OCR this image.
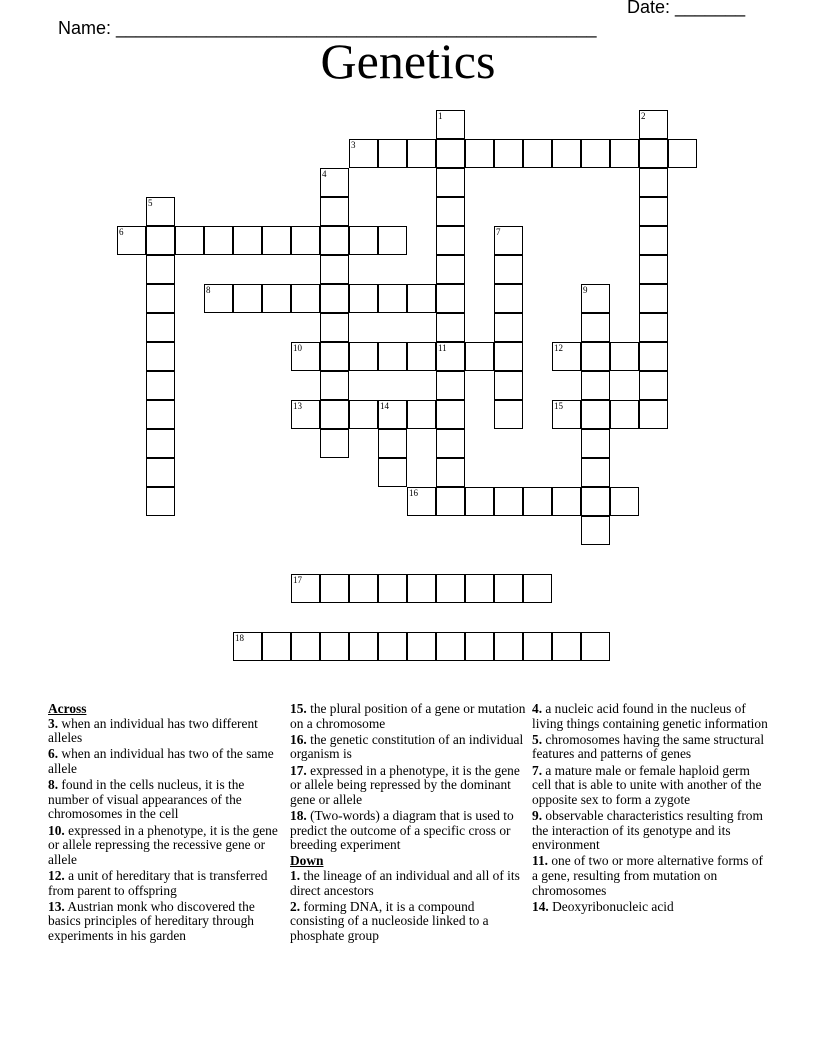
Name: ________________________________________________

Date: _______

Genetics
1	2
3
4
5
6	7
8	9
10	11	12
13	14	15
16
17
18
Across
3. when an individual has two different alleles
6. when an individual has two of the same allele
8. found in the cells nucleus, it is the number of visual appearances of the chromosomes in the cell
10. expressed in a phenotype, it is the gene or allele repressing the recessive gene or allele
12. a unit of hereditary that is transferred from parent to offspring
13. Austrian monk who discovered the basics principles of hereditary through experiments in his garden
15. the plural position of a gene or mutation on a chromosome
16. the genetic constitution of an individual organism is
17. expressed in a phenotype, it is the gene or allele being repressed by the dominant gene or allele
18. (Two-words) a diagram that is used to predict the outcome of a specific cross or breeding experiment
Down
1. the lineage of an individual and all of its direct ancestors
2. forming DNA, it is a compound consisting of a nucleoside linked to a phosphate group
4. a nucleic acid found in the nucleus of living things containing genetic information
5. chromosomes having the same structural features and patterns of genes
7. a mature male or female haploid germ cell that is able to unite with another of the opposite sex to form a zygote
9. observable characteristics resulting from the interaction of its genotype and its environment
11. one of two or more alternative forms of a gene, resulting from mutation on chromosomes
14. Deoxyribonucleic acid
